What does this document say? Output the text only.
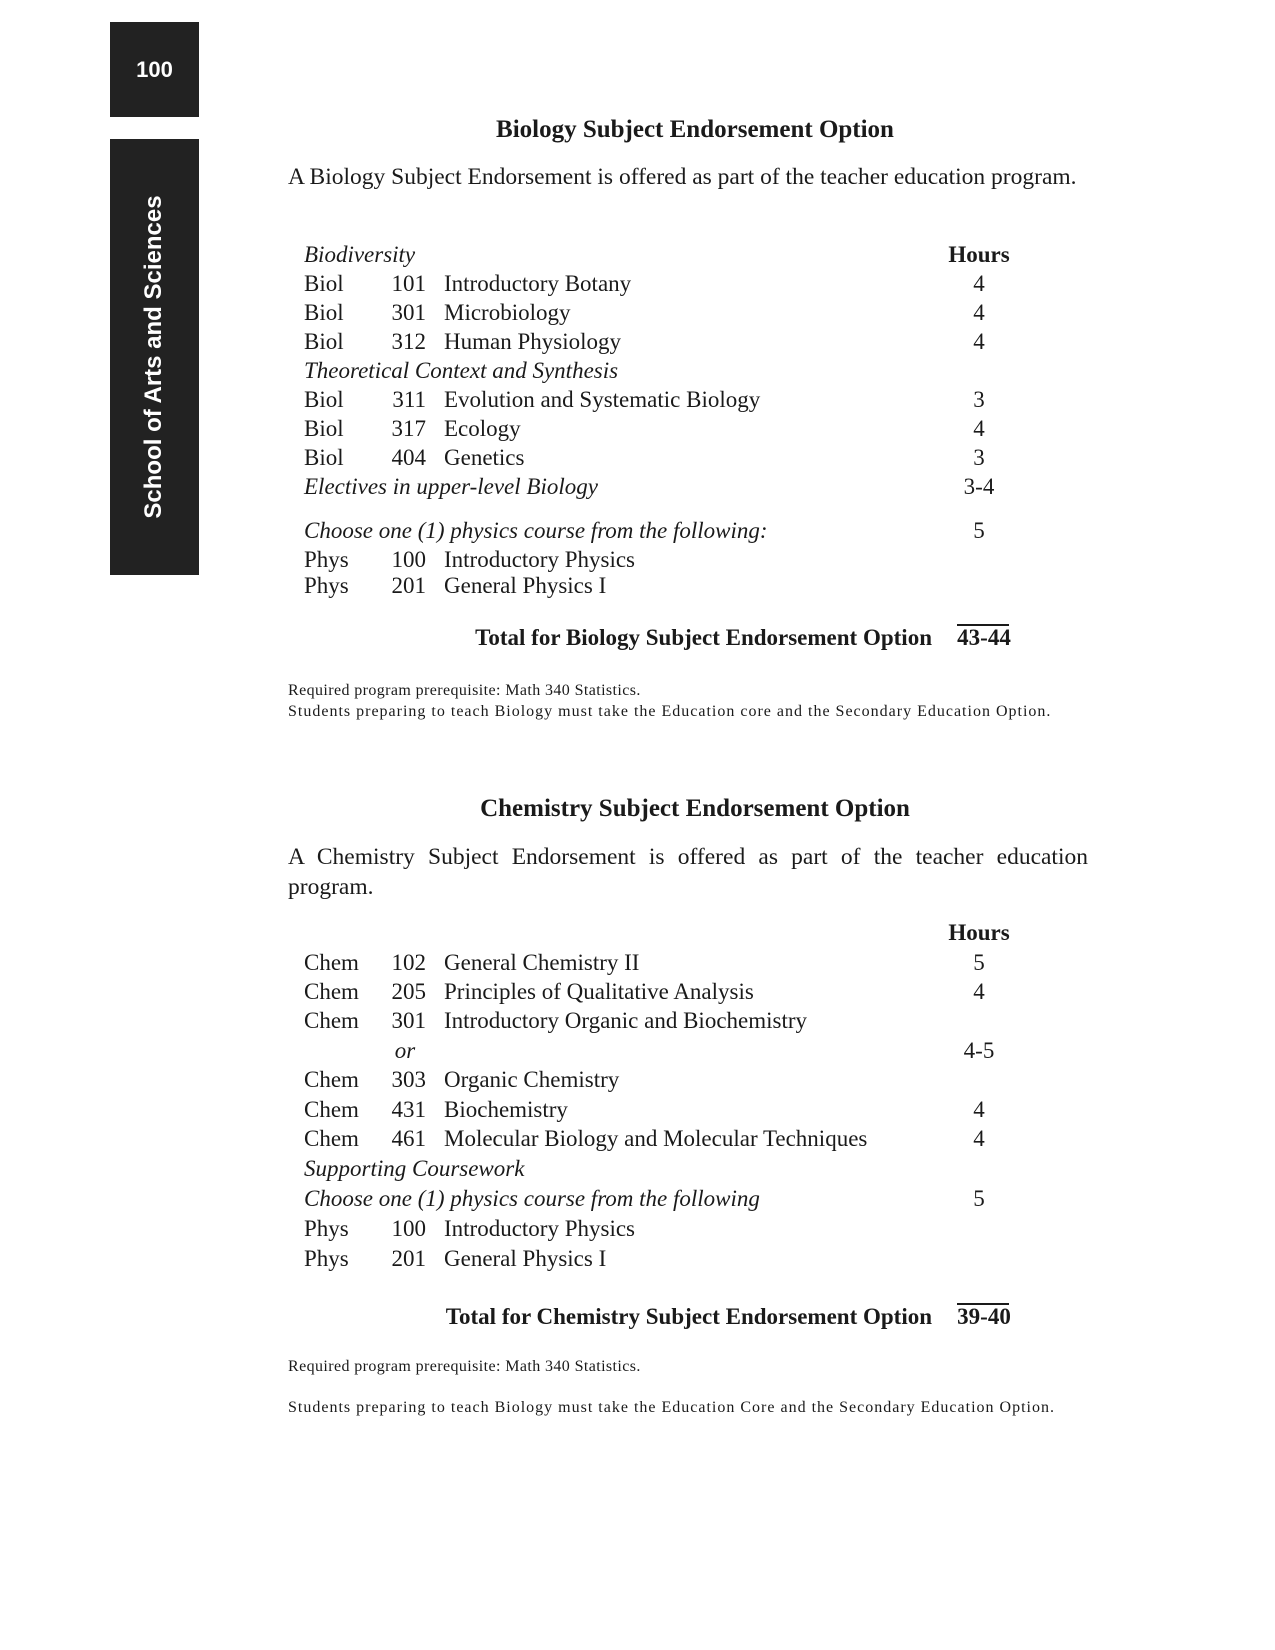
100
School of Arts and Sciences
Biology Subject Endorsement Option
A Biology Subject Endorsement is offered as part of the teacher education program.
Biodiversity	Hours
Biol	101 Introductory Botany	4
Biol	301 Microbiology	4
Biol	312 Human Physiology	4
Theoretical Context and Synthesis
Biol	311 Evolution and Systematic Biology	3
Biol	317 Ecology	4
Biol	404 Genetics	3
Electives in upper-level Biology	3-4
Choose one (1) physics course from the following:	5
Phys	100 Introductory Physics
Phys	201 General Physics I
Total for Biology Subject Endorsement Option 43-44
Required program prerequisite: Math 340 Statistics.
Students preparing to teach Biology must take the Education core and the Secondary Education Option.
Chemistry Subject Endorsement Option
A Chemistry Subject Endorsement is offered as part of the teacher education program.
Hours
Chem	102 General Chemistry II	5
Chem	205 Principles of Qualitative Analysis	4
Chem	301 Introductory Organic and Biochemistry
or	4-5
Chem	303 Organic Chemistry
Chem	431 Biochemistry	4
Chem	461 Molecular Biology and Molecular Techniques	4
Supporting Coursework
Choose one (1) physics course from the following	5
Phys	100 Introductory Physics
Phys	201 General Physics I
Total for Chemistry Subject Endorsement Option 39-40
Required program prerequisite: Math 340 Statistics.
Students preparing to teach Biology must take the Education Core and the Secondary Education Option.
